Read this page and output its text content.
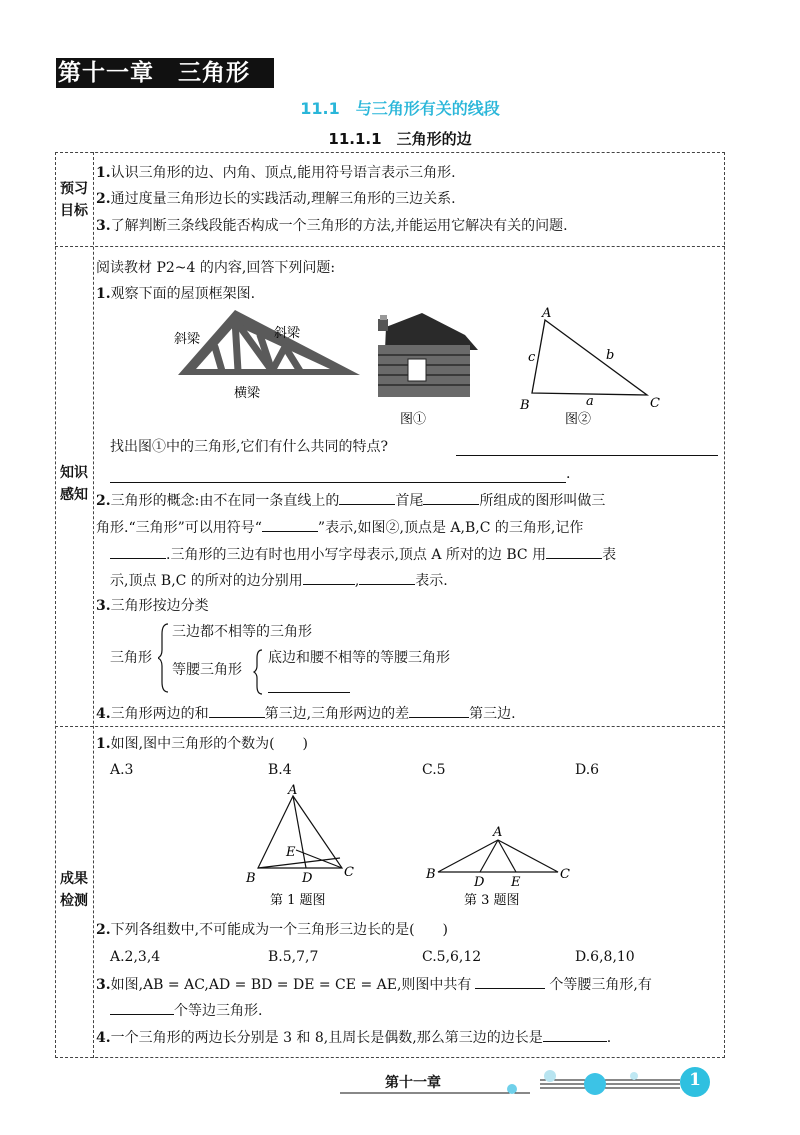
第十一章　三角形
11.1　与三角形有关的线段
11.1.1　三角形的边
预习
目标
1.认识三角形的边、内角、顶点,能用符号语言表示三角形.
2.通过度量三角形边长的实践活动,理解三角形的三边关系.
3.了解判断三条线段能否构成一个三角形的方法,并能运用它解决有关的问题.
知识
感知
阅读教材 P2~4 的内容,回答下列问题:
1.观察下面的屋顶框架图.
斜梁	斜梁
横梁
图①
A
B	C
c	b
a
图②
找出图①中的三角形,它们有什么共同的特点?
.
2.三角形的概念:由不在同一条直线上的	首尾	所组成的图形叫做三
角形.“三角形”可以用符号“	”表示,如图②,顶点是 A,B,C 的三角形,记作
.三角形的三边有时也用小写字母表示,顶点 A 所对的边 BC 用	表
示,顶点 B,C 的所对的边分别用	,	表示.
3.三角形按边分类
三角形
三边都不相等的三角形
等腰三角形
底边和腰不相等的等腰三角形
4.三角形两边的和	第三边,三角形两边的差	第三边.
成果
检测
1.如图,图中三角形的个数为(　　)
A.3	B.4	C.5	D.6
A
B	C
D
E
第 1 题图
A
B	C
D E
第 3 题图
2.下列各组数中,不可能成为一个三角形三边长的是(　　)
A.2,3,4	B.5,7,7	C.5,6,12	D.6,8,10
3.如图,AB = AC,AD = BD = DE = CE = AE,则图中共有	个等腰三角形,有
个等边三角形.
4.一个三角形的两边长分别是 3 和 8,且周长是偶数,那么第三边的边长是	.
第十一章	1
